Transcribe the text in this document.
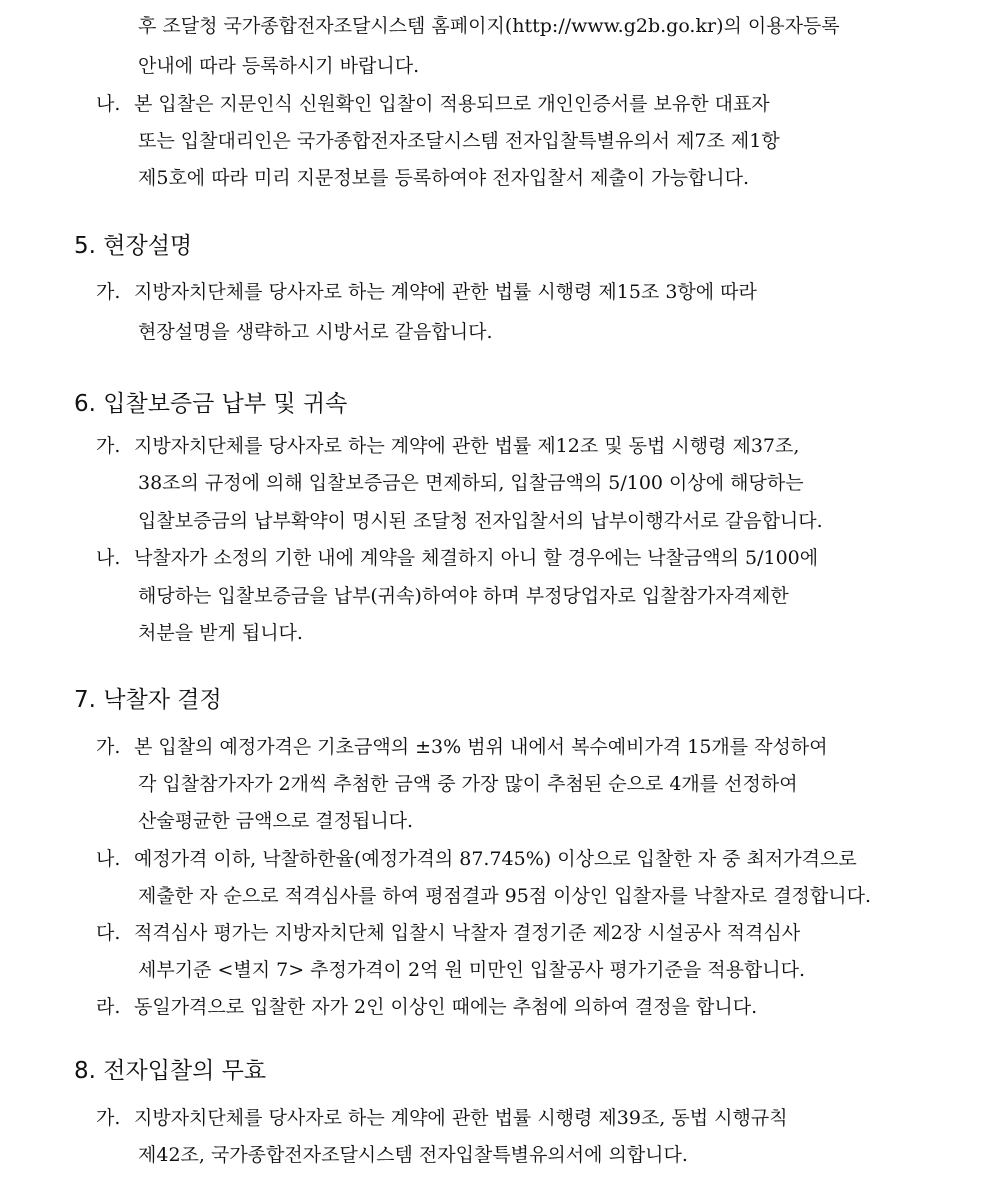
후 조달청 국가종합전자조달시스템 홈페이지(http://www.g2b.go.kr)의 이용자등록
안내에 따라 등록하시기 바랍니다.
나. 본 입찰은 지문인식 신원확인 입찰이 적용되므로 개인인증서를 보유한 대표자
또는 입찰대리인은 국가종합전자조달시스템 전자입찰특별유의서 제7조 제1항
제5호에 따라 미리 지문정보를 등록하여야 전자입찰서 제출이 가능합니다.
5. 현장설명
가. 지방자치단체를 당사자로 하는 계약에 관한 법률 시행령 제15조 3항에 따라
현장설명을 생략하고 시방서로 갈음합니다.
6. 입찰보증금 납부 및 귀속
가. 지방자치단체를 당사자로 하는 계약에 관한 법률 제12조 및 동법 시행령 제37조,
38조의 규정에 의해 입찰보증금은 면제하되, 입찰금액의 5/100 이상에 해당하는
입찰보증금의 납부확약이 명시된 조달청 전자입찰서의 납부이행각서로 갈음합니다.
나. 낙찰자가 소정의 기한 내에 계약을 체결하지 아니 할 경우에는 낙찰금액의 5/100에
해당하는 입찰보증금을 납부(귀속)하여야 하며 부정당업자로 입찰참가자격제한
처분을 받게 됩니다.
7. 낙찰자 결정
가. 본 입찰의 예정가격은 기초금액의 ±3% 범위 내에서 복수예비가격 15개를 작성하여
각 입찰참가자가 2개씩 추첨한 금액 중 가장 많이 추첨된 순으로 4개를 선정하여
산술평균한 금액으로 결정됩니다.
나. 예정가격 이하, 낙찰하한율(예정가격의 87.745%) 이상으로 입찰한 자 중 최저가격으로
제출한 자 순으로 적격심사를 하여 평점결과 95점 이상인 입찰자를 낙찰자로 결정합니다.
다. 적격심사 평가는 지방자치단체 입찰시 낙찰자 결정기준 제2장 시설공사 적격심사
세부기준 <별지 7> 추정가격이 2억 원 미만인 입찰공사 평가기준을 적용합니다.
라. 동일가격으로 입찰한 자가 2인 이상인 때에는 추첨에 의하여 결정을 합니다.
8. 전자입찰의 무효
가. 지방자치단체를 당사자로 하는 계약에 관한 법률 시행령 제39조, 동법 시행규칙
제42조, 국가종합전자조달시스템 전자입찰특별유의서에 의합니다.
